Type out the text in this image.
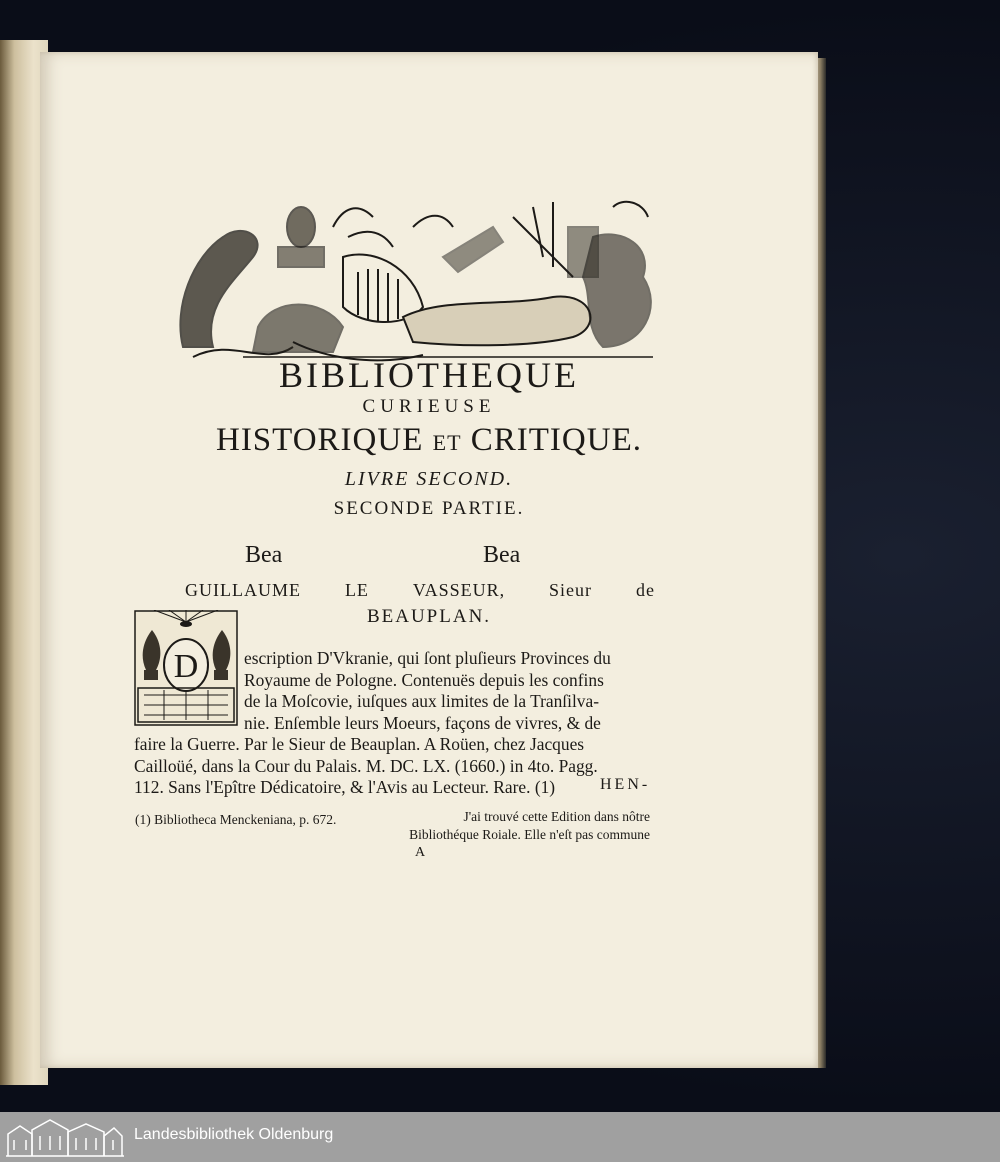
BIBLIOTHEQUE
CURIEUSE
HISTORIQUE ET CRITIQUE.
LIVRE SECOND.
SECONDE PARTIE.
Bea	Bea
GUILLAUME LE VASSEUR, Sieur de
BEAUPLAN.
D	escription D'Vkranie, qui ſont pluſieurs Provinces du
Royaume de Pologne. Contenuës depuis les confins
de la Moſcovie, iuſques aux limites de la Tranſilva-
nie. Enſemble leurs Moeurs, façons de vivres, & de
faire la Guerre. Par le Sieur de Beauplan. A Roüen, chez Jacques
Cailloüé, dans la Cour du Palais. M. DC. LX. (1660.) in 4to. Pagg.
112. Sans l'Epître Dédicatoire, & l'Avis au Lecteur. Rare. (1)	HEN-
(1) Bibliotheca Menckeniana, p. 672.	J'ai trouvé cette Edition dans nôtre Bibliothéque Roiale. Elle n'eſt pas commune
A
Landesbibliothek Oldenburg
